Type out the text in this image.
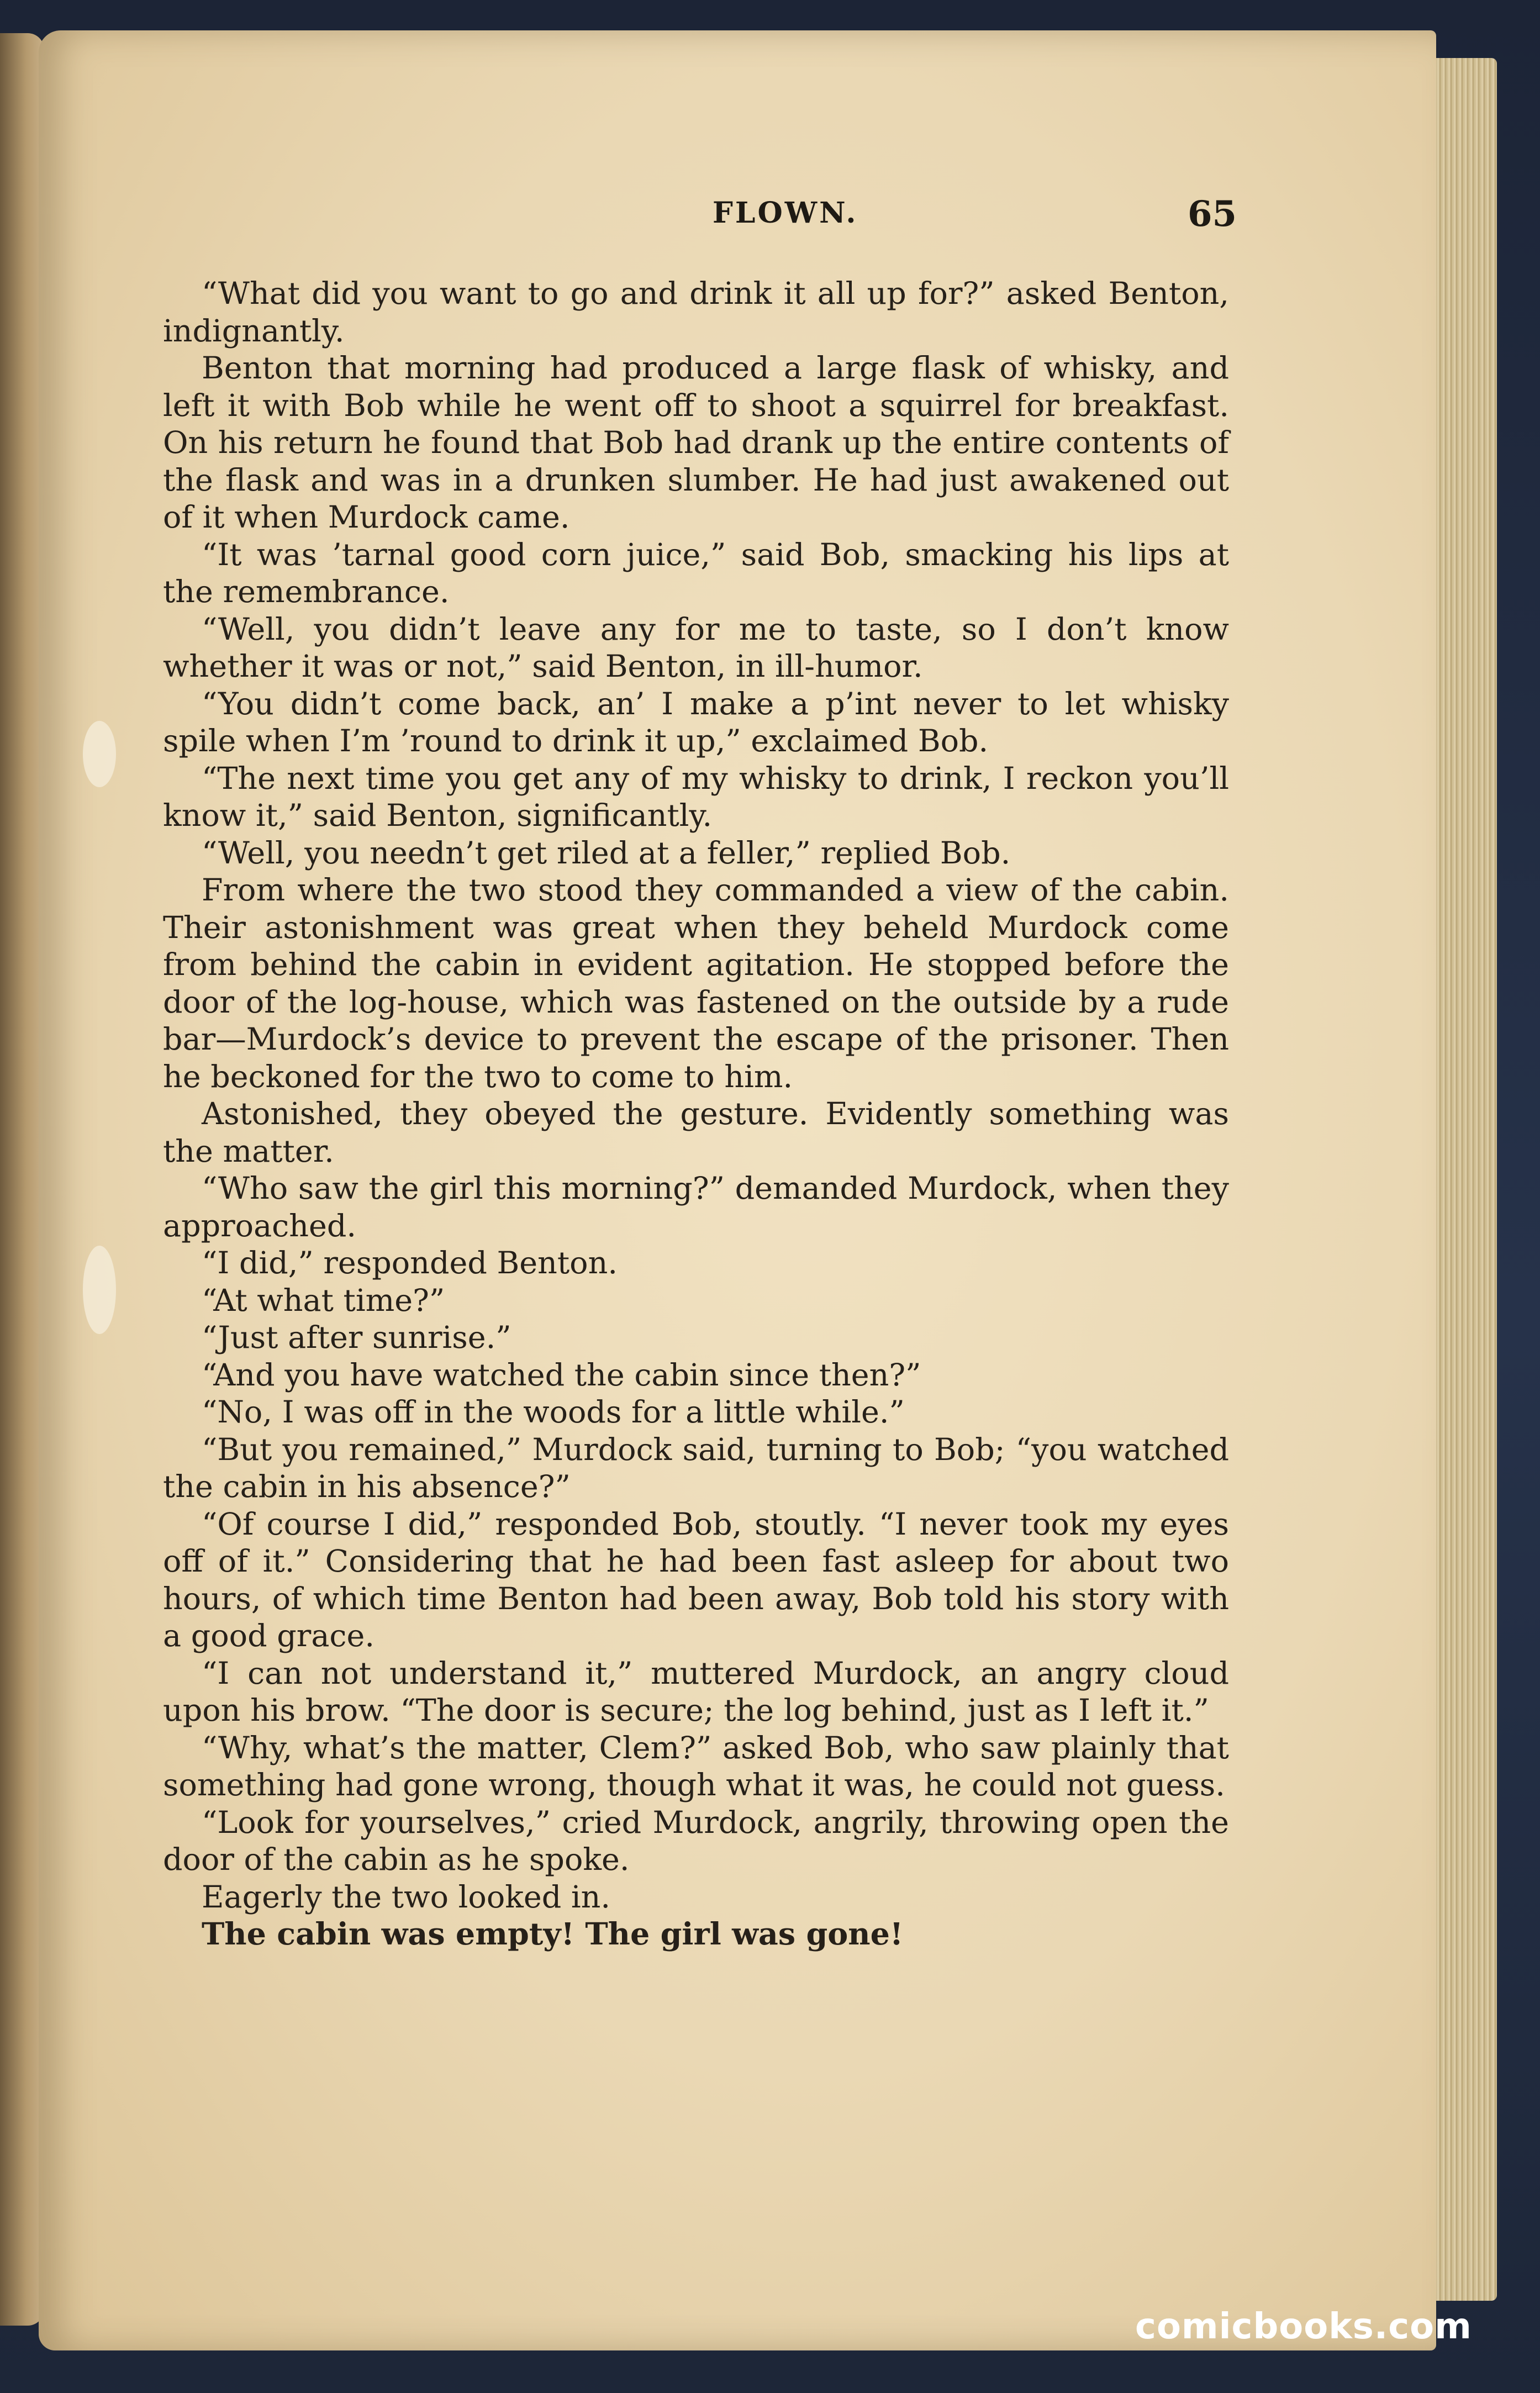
FLOWN.	65

“What did you want to go and drink it all up for?” asked Benton, indignantly.

Benton that morning had produced a large flask of whisky, and left it with Bob while he went off to shoot a squirrel for breakfast. On his return he found that Bob had drank up the entire contents of the flask and was in a drunken slumber. He had just awakened out of it when Murdock came.

“It was ’tarnal good corn juice,” said Bob, smacking his lips at the remembrance.

“Well, you didn’t leave any for me to taste, so I don’t know whether it was or not,” said Benton, in ill-humor.

“You didn’t come back, an’ I make a p’int never to let whisky spile when I’m ’round to drink it up,” exclaimed Bob.

“The next time you get any of my whisky to drink, I reckon you’ll know it,” said Benton, significantly.

“Well, you needn’t get riled at a feller,” replied Bob.

From where the two stood they commanded a view of the cabin. Their astonishment was great when they beheld Murdock come from behind the cabin in evident agitation. He stopped before the door of the log-house, which was fastened on the outside by a rude bar—Murdock’s device to prevent the escape of the prisoner. Then he beckoned for the two to come to him.

Astonished, they obeyed the gesture. Evidently something was the matter.

“Who saw the girl this morning?” demanded Murdock, when they approached.

“I did,” responded Benton.

“At what time?”

“Just after sunrise.”

“And you have watched the cabin since then?”

“No, I was off in the woods for a little while.”

“But you remained,” Murdock said, turning to Bob; “you watched the cabin in his absence?”

“Of course I did,” responded Bob, stoutly. “I never took my eyes off of it.” Considering that he had been fast asleep for about two hours, of which time Benton had been away, Bob told his story with a good grace.

“I can not understand it,” muttered Murdock, an angry cloud upon his brow. “The door is secure; the log behind, just as I left it.”

“Why, what’s the matter, Clem?” asked Bob, who saw plainly that something had gone wrong, though what it was, he could not guess.

“Look for yourselves,” cried Murdock, angrily, throwing open the door of the cabin as he spoke.

Eagerly the two looked in.

The cabin was empty! The girl was gone!

comicbooks.com
